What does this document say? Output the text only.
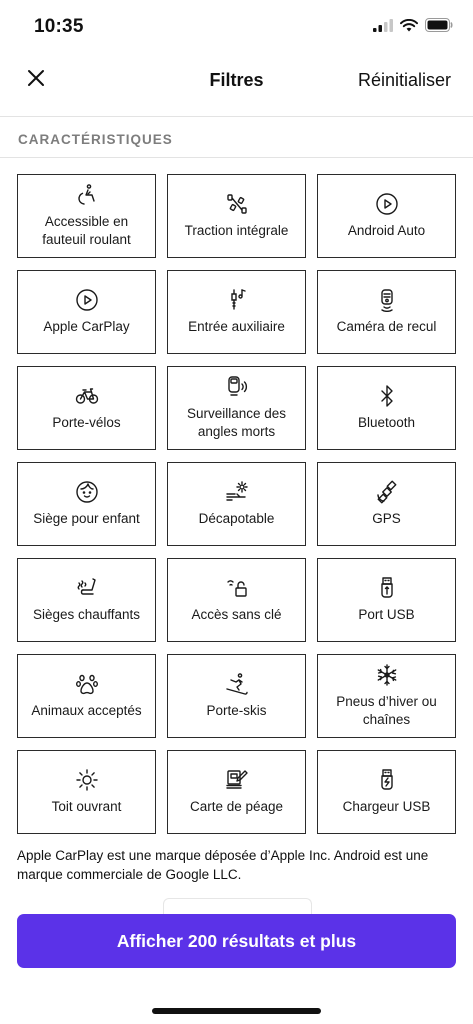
10:35
Filtres	Réinitialiser
CARACTÉRISTIQUES
Accessible en fauteuil roulant
Traction intégrale	Android Auto
Apple CarPlay	Entrée auxiliaire	Caméra de recul
Porte-vélos
Surveillance des angles morts
Bluetooth
Siège pour enfant	Décapotable	GPS
Sièges chauffants	Accès sans clé	Port USB
Animaux acceptés	Porte-skis
Pneus d’hiver ou chaînes
Toit ouvrant	Carte de péage	Chargeur USB
Apple CarPlay est une marque déposée d’Apple Inc. Android est une marque commerciale de Google LLC.
Afficher 200 résultats et plus
